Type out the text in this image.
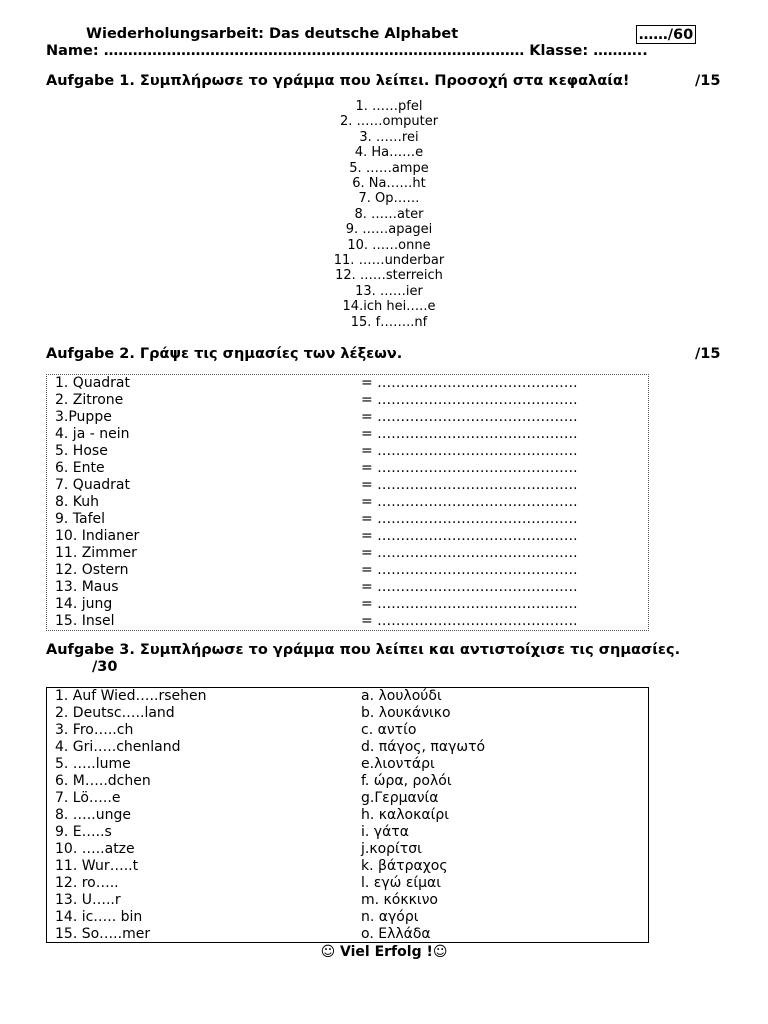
Wiederholungsarbeit: Das deutsche Alphabet	……/60
Name: …………………………………………………………………………… Klasse: ………..
Aufgabe 1. Συμπλήρωσε το γράμμα που λείπει. Προσοχή στα κεφαλαία!	/15
1. ……pfel
2. ……omputer
3. ……rei
4. Ha……e
5. ……ampe
6. Na……ht
7. Op……
8. ……ater
9. ……apagei
10. ……onne
11. ……underbar
12. ……sterreich
13. ……ier
14.ich hei…..e
15. f……..nf
Aufgabe 2. Γράψε τις σημασίες των λέξεων.	/15
1. Quadrat	= …………………………………….
2. Zitrone	= …………………………………….
3.Puppe	= …………………………………….
4. ja - nein	= …………………………………….
5. Hose	= …………………………………….
6. Ente	= …………………………………….
7. Quadrat	= …………………………………….
8. Kuh	= …………………………………….
9. Tafel	= …………………………………….
10. Indianer	= …………………………………….
11. Zimmer	= …………………………………….
12. Ostern	= …………………………………….
13. Maus	= …………………………………….
14. jung	= …………………………………….
15. Insel	= …………………………………….
Aufgabe 3. Συμπλήρωσε το γράμμα που λείπει και αντιστοίχισε τις σημασίες.
/30
1. Auf Wied…..rsehen	a. λουλούδι
2. Deutsc…..land	b. λουκάνικο
3. Fro…..ch	c. αντίο
4. Gri…..chenland	d. πάγος, παγωτό
5. …..lume	e.λιοντάρι
6. M…..dchen	f. ώρα, ρολόι
7. Lö…..e	g.Γερμανία
8. …..unge	h. καλοκαίρι
9. E…..s	i. γάτα
10. …..atze	j.κορίτσι
11. Wur…..t	k. βάτραχος
12. ro…..	l. εγώ είμαι
13. U…..r	m. κόκκινο
14. ic….. bin	n. αγόρι
15. So…..mer	o. Ελλάδα
☺ Viel Erfolg !☺
